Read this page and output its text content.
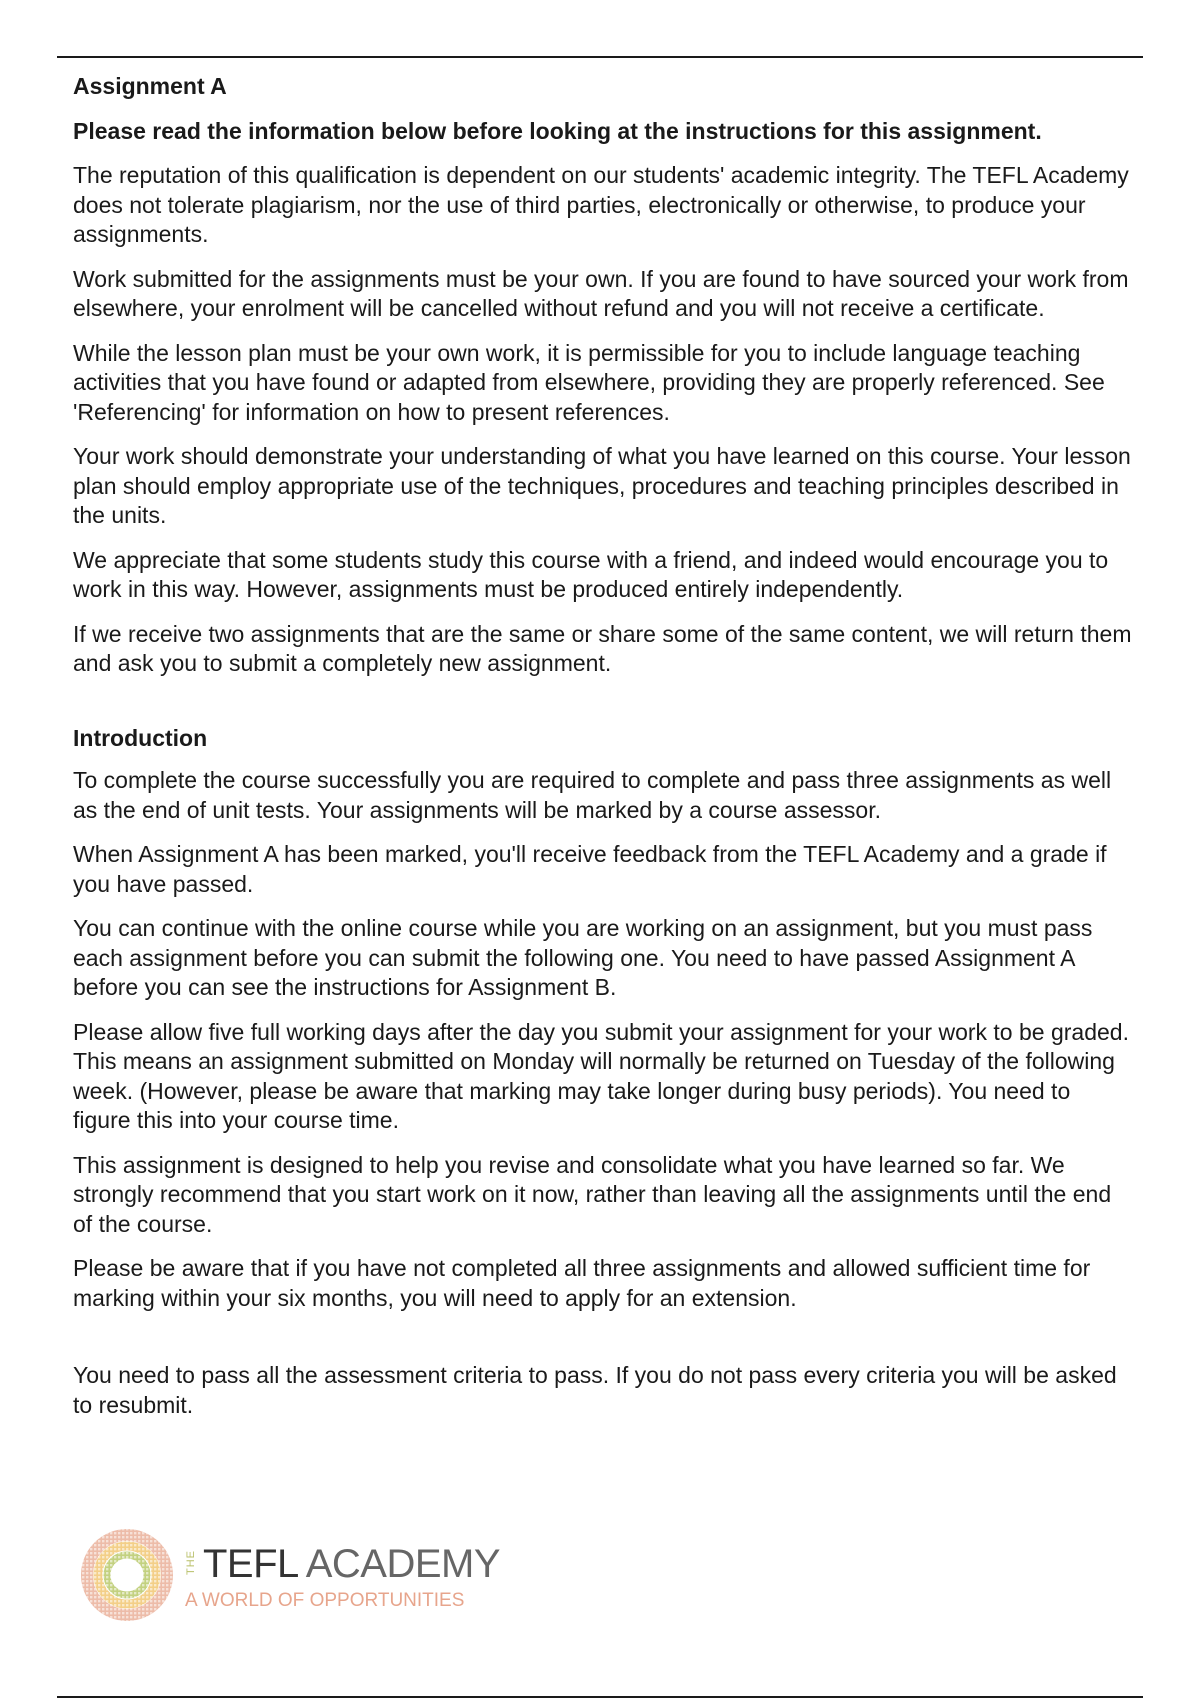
Assignment A

Please read the information below before looking at the instructions for this assignment.

The reputation of this qualification is dependent on our students' academic integrity. The TEFL Academy does not tolerate plagiarism, nor the use of third parties, electronically or otherwise, to produce your assignments.

Work submitted for the assignments must be your own. If you are found to have sourced your work from elsewhere, your enrolment will be cancelled without refund and you will not receive a certificate.

While the lesson plan must be your own work, it is permissible for you to include language teaching activities that you have found or adapted from elsewhere, providing they are properly referenced. See 'Referencing' for information on how to present references.

Your work should demonstrate your understanding of what you have learned on this course. Your lesson plan should employ appropriate use of the techniques, procedures and teaching principles described in the units.

We appreciate that some students study this course with a friend, and indeed would encourage you to work in this way. However, assignments must be produced entirely independently.

If we receive two assignments that are the same or share some of the same content, we will return them and ask you to submit a completely new assignment.

Introduction

To complete the course successfully you are required to complete and pass three assignments as well as the end of unit tests. Your assignments will be marked by a course assessor.

When Assignment A has been marked, you'll receive feedback from the TEFL Academy and a grade if you have passed.

You can continue with the online course while you are working on an assignment, but you must pass each assignment before you can submit the following one. You need to have passed Assignment A before you can see the instructions for Assignment B.

Please allow five full working days after the day you submit your assignment for your work to be graded. This means an assignment submitted on Monday will normally be returned on Tuesday of the following week. (However, please be aware that marking may take longer during busy periods). You need to figure this into your course time.

This assignment is designed to help you revise and consolidate what you have learned so far. We strongly recommend that you start work on it now, rather than leaving all the assignments until the end of the course.

Please be aware that if you have not completed all three assignments and allowed sufficient time for marking within your six months, you will need to apply for an extension.

You need to pass all the assessment criteria to pass. If you do not pass every criteria you will be asked to resubmit.

THE TEFL ACADEMY
A WORLD OF OPPORTUNITIES
